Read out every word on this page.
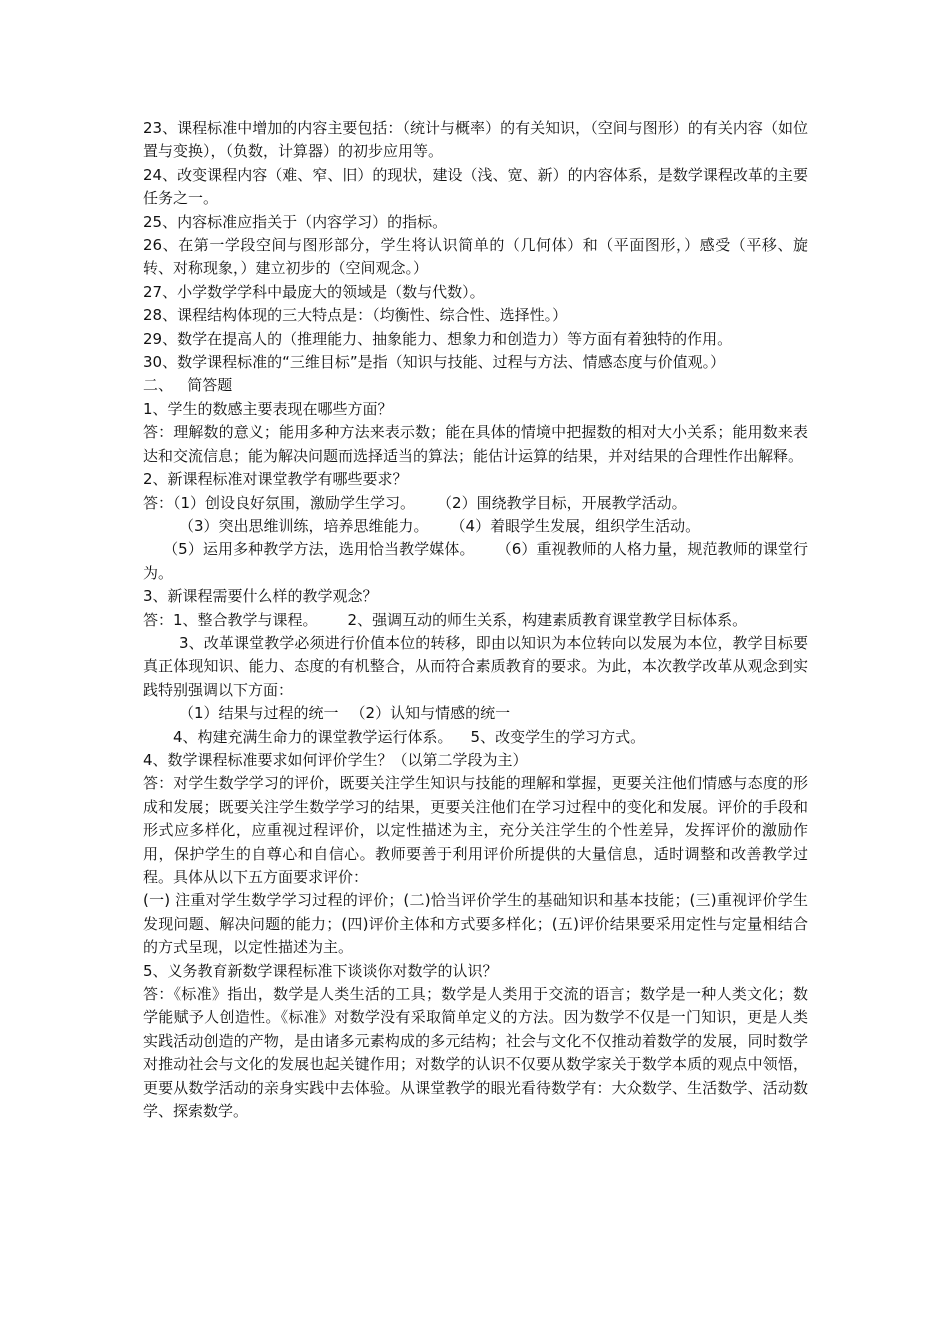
23、课程标准中增加的内容主要包括：（统计与概率）的有关知识，（空间与图形）的有关内容（如位置与变换），（负数，计算器）的初步应用等。

24、改变课程内容（难、窄、旧）的现状，建设（浅、宽、新）的内容体系，是数学课程改革的主要任务之一。

25、内容标准应指关于（内容学习）的指标。

26、在第一学段空间与图形部分，学生将认识简单的（几何体）和（平面图形，）感受（平移、旋转、对称现象，）建立初步的（空间观念。）

27、小学数学学科中最庞大的领域是（数与代数）。

28、课程结构体现的三大特点是：（均衡性、综合性、选择性。）

29、数学在提高人的（推理能力、抽象能力、想象力和创造力）等方面有着独特的作用。

30、数学课程标准的“三维目标”是指（知识与技能、过程与方法、情感态度与价值观。）

二、   简答题

1、学生的数感主要表现在哪些方面？

答：理解数的意义；能用多种方法来表示数；能在具体的情境中把握数的相对大小关系；能用数来表达和交流信息；能为解决问题而选择适当的算法；能估计运算的结果，并对结果的合理性作出解释。

2、新课程标准对课堂教学有哪些要求？

答：（1）创设良好氛围，激励学生学习。 （2）围绕教学目标，开展教学活动。

（3）突出思维训练，培养思维能力。 （4）着眼学生发展，组织学生活动。

（5）运用多种教学方法，选用恰当教学媒体。 （6）重视教师的人格力量，规范教师的课堂行为。

3、新课程需要什么样的教学观念？

答：1、整合教学与课程。 2、强调互动的师生关系，构建素质教育课堂教学目标体系。

3、改革课堂教学必须进行价值本位的转移，即由以知识为本位转向以发展为本位，教学目标要真正体现知识、能力、态度的有机整合，从而符合素质教育的要求。为此，本次教学改革从观念到实践特别强调以下方面：

（1）结果与过程的统一 （2）认知与情感的统一

4、构建充满生命力的课堂教学运行体系。 5、改变学生的学习方式。

4、数学课程标准要求如何评价学生？（以第二学段为主）

答：对学生数学学习的评价，既要关注学生知识与技能的理解和掌握，更要关注他们情感与态度的形成和发展；既要关注学生数学学习的结果，更要关注他们在学习过程中的变化和发展。评价的手段和形式应多样化，应重视过程评价，以定性描述为主，充分关注学生的个性差异，发挥评价的激励作用，保护学生的自尊心和自信心。教师要善于利用评价所提供的大量信息，适时调整和改善教学过程。具体从以下五方面要求评价：

(一) 注重对学生数学学习过程的评价；(二)恰当评价学生的基础知识和基本技能；(三)重视评价学生发现问题、解决问题的能力；(四)评价主体和方式要多样化；(五)评价结果要采用定性与定量相结合的方式呈现，以定性描述为主。

5、义务教育新数学课程标准下谈谈你对数学的认识？

答：《标准》指出，数学是人类生活的工具；数学是人类用于交流的语言；数学是一种人类文化；数学能赋予人创造性。《标准》对数学没有采取简单定义的方法。因为数学不仅是一门知识，更是人类实践活动创造的产物，是由诸多元素构成的多元结构；社会与文化不仅推动着数学的发展，同时数学对推动社会与文化的发展也起关键作用；对数学的认识不仅要从数学家关于数学本质的观点中领悟，更要从数学活动的亲身实践中去体验。从课堂教学的眼光看待数学有：大众数学、生活数学、活动数学、探索数学。
